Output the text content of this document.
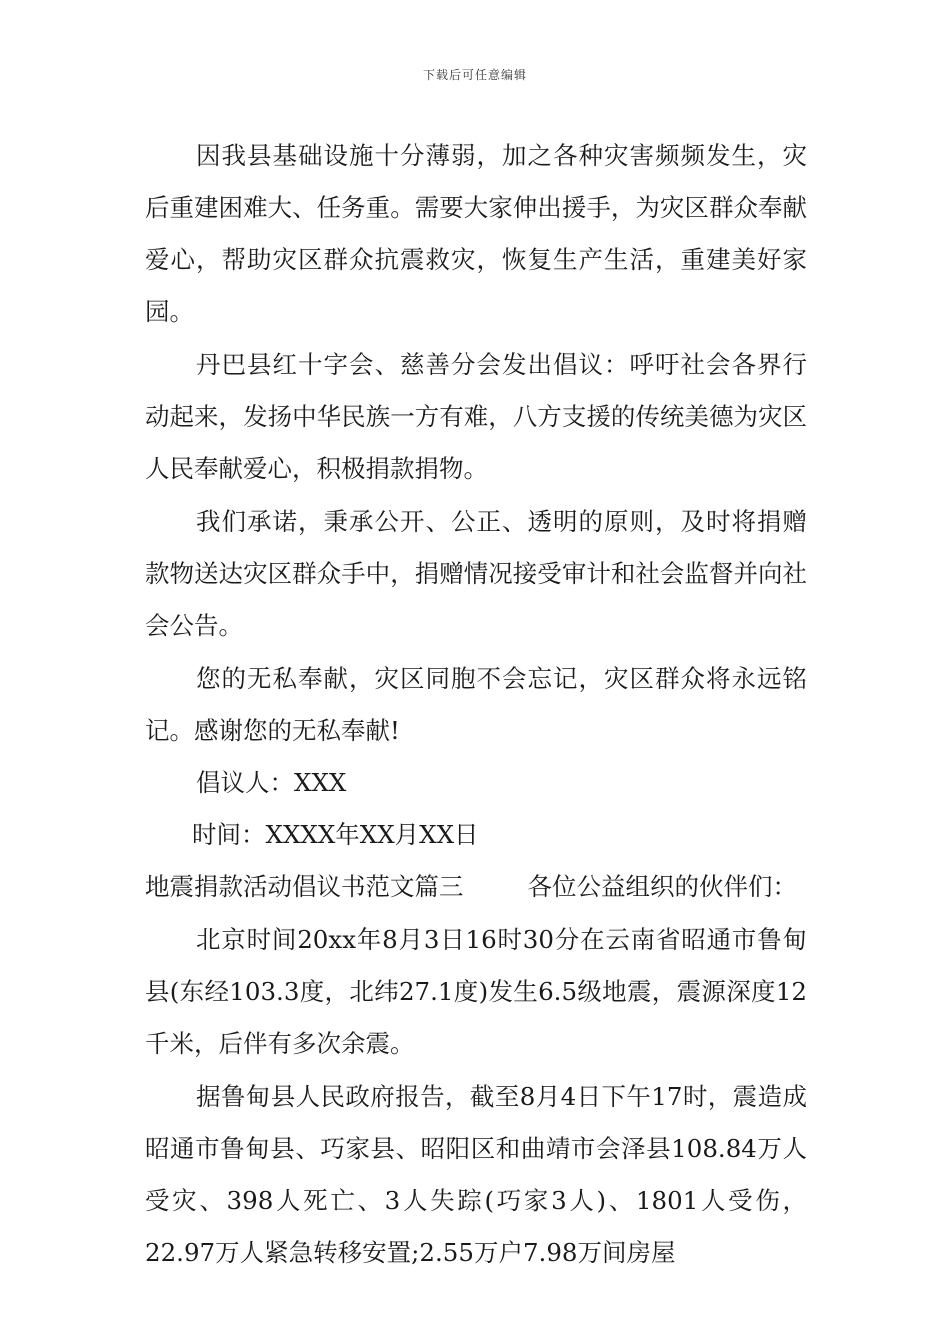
下载后可任意编辑

因我县基础设施十分薄弱，加之各种灾害频频发生，灾后重建困难大、任务重。需要大家伸出援手，为灾区群众奉献爱心，帮助灾区群众抗震救灾，恢复生产生活，重建美好家园。

丹巴县红十字会、慈善分会发出倡议：呼吁社会各界行动起来，发扬中华民族一方有难，八方支援的传统美德为灾区人民奉献爱心，积极捐款捐物。

我们承诺，秉承公开、公正、透明的原则，及时将捐赠款物送达灾区群众手中，捐赠情况接受审计和社会监督并向社会公告。

您的无私奉献，灾区同胞不会忘记，灾区群众将永远铭记。感谢您的无私奉献!

倡议人：XXX

时间：XXXX年XX月XX日

地震捐款活动倡议书范文篇三	各位公益组织的伙伴们：

北京时间20xx年8月3日16时30分在云南省昭通市鲁甸县(东经103.3度，北纬27.1度)发生6.5级地震，震源深度12千米，后伴有多次余震。

据鲁甸县人民政府报告，截至8月4日下午17时，震造成昭通市鲁甸县、巧家县、昭阳区和曲靖市会泽县108.84万人受灾、398人死亡、3人失踪(巧家3人)、1801人受伤，22.97万人紧急转移安置;2.55万户7.98万间房屋
